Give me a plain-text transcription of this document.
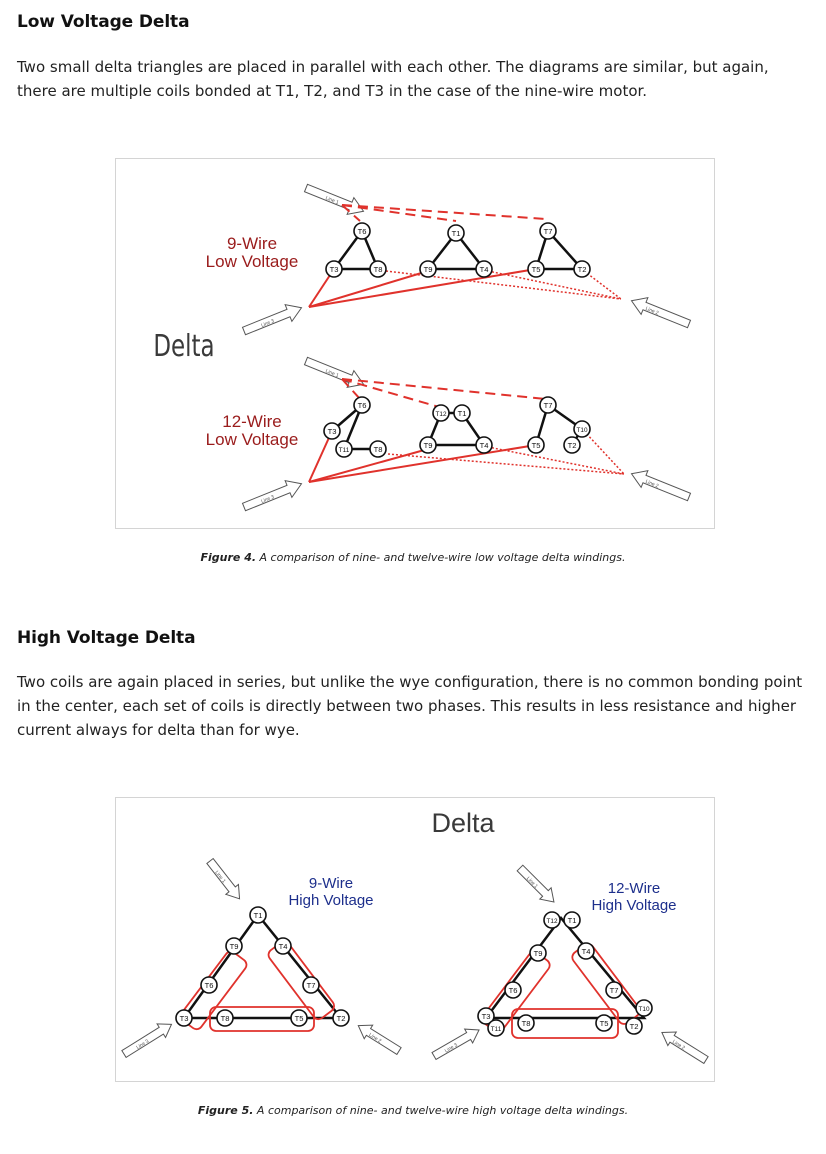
Low Voltage Delta

Two small delta triangles are placed in parallel with each other. The diagrams are similar, but again, there are multiple coils bonded at T1, T2, and T3 in the case of the nine-wire motor.

Delta
9-Wire
Low Voltage
12-Wire
Low Voltage
Line 1
Line 3
Line 2
T6	T1	T7
T3	T8	T9	T4	T5	T2
Line 1
Line 3
Line 2
T6
T12 T1
T7
T3
T11	T8	T9	T4	T5	T2
T10
Figure 4. A comparison of nine- and twelve-wire low voltage delta windings.
High Voltage Delta

Two coils are again placed in series, but unlike the wye configuration, there is no common bonding point in the center, each set of coils is directly between two phases. This results in less resistance and higher current always for delta than for wye.

Delta
9-Wire
High Voltage
12-Wire
High Voltage
Line 1
Line 3
Line 2
T1
T9	T4
T6	T7
T3	T8	T5	T2
Line 1
Line 3	Line 2
T12 T1
T9	T4
T6	T7
T10
T3
T11
T8	T5	T2
Figure 5. A comparison of nine- and twelve-wire high voltage delta windings.
